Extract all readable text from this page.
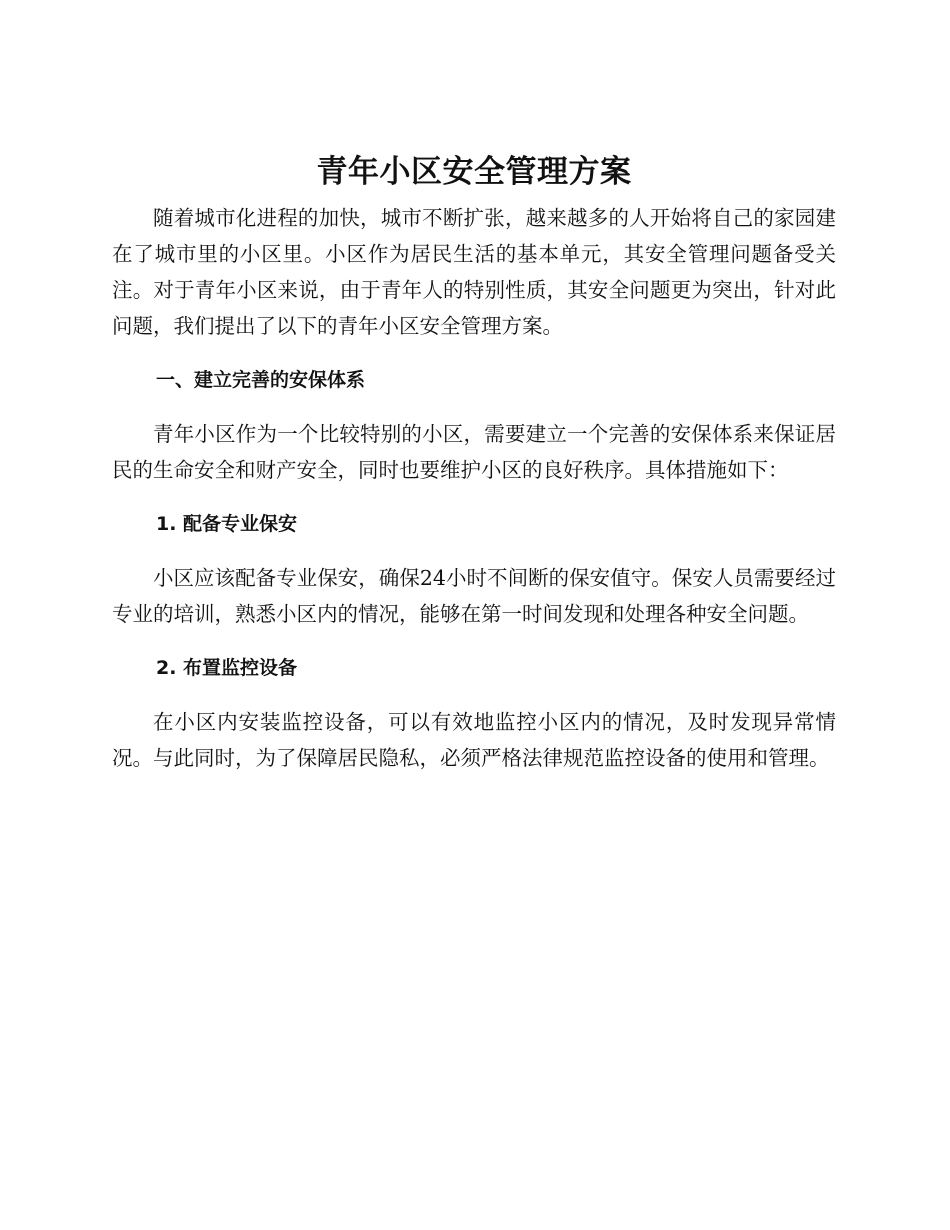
青年小区安全管理方案

随着城市化进程的加快，城市不断扩张，越来越多的人开始将自己的家园建在了城市里的小区里。小区作为居民生活的基本单元，其安全管理问题备受关注。对于青年小区来说，由于青年人的特别性质，其安全问题更为突出，针对此问题，我们提出了以下的青年小区安全管理方案。

一、建立完善的安保体系

青年小区作为一个比较特别的小区，需要建立一个完善的安保体系来保证居民的生命安全和财产安全，同时也要维护小区的良好秩序。具体措施如下：

1. 配备专业保安

小区应该配备专业保安，确保24小时不间断的保安值守。保安人员需要经过专业的培训，熟悉小区内的情况，能够在第一时间发现和处理各种安全问题。

2. 布置监控设备

在小区内安装监控设备，可以有效地监控小区内的情况，及时发现异常情况。与此同时，为了保障居民隐私，必须严格法律规范监控设备的使用和管理。
